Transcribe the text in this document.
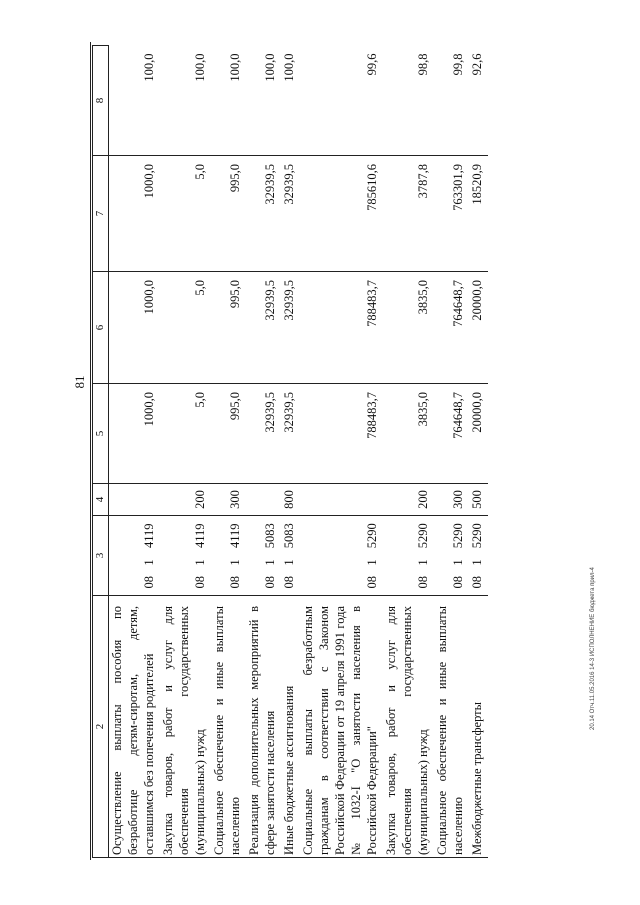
81
2	3			4	5	6	7	8
Осуществление выплаты пособия по безработице детям-сиротам, детям, оставшимся без попечения родителей	08	1	4119		1000,0	1000,0	1000,0	100,0
Закупка товаров, работ и услуг для обеспечения государственных (муниципальных) нужд	08	1	4119	200	5,0	5,0	5,0	100,0
Социальное обеспечение и иные выплаты населению	08	1	4119	300	995,0	995,0	995,0	100,0
Реализация дополнительных мероприятий в сфере занятости населения	08	1	5083		32939,5	32939,5	32939,5	100,0
Иные бюджетные ассигнования	08	1	5083	800	32939,5	32939,5	32939,5	100,0
Социальные выплаты безработным гражданам в соответствии с Законом Российской Федерации от 19 апреля 1991 года № 1032-I "О занятости населения в Российской Федерации"	08	1	5290		788483,7	788483,7	785610,6	99,6
Закупка товаров, работ и услуг для обеспечения государственных (муниципальных) нужд	08	1	5290	200	3835,0	3835,0	3787,8	98,8
Социальное обеспечение и иные выплаты населению	08	1	5290	300	764648,7	764648,7	763301,9	99,8
Межбюджетные трансферты	08	1	5290	500	20000,0	20000,0	18520,9	92,6
20.14 Отч.11.05.2016 14-3 ИСПОЛНЕНИЕ бюджета прил-4
